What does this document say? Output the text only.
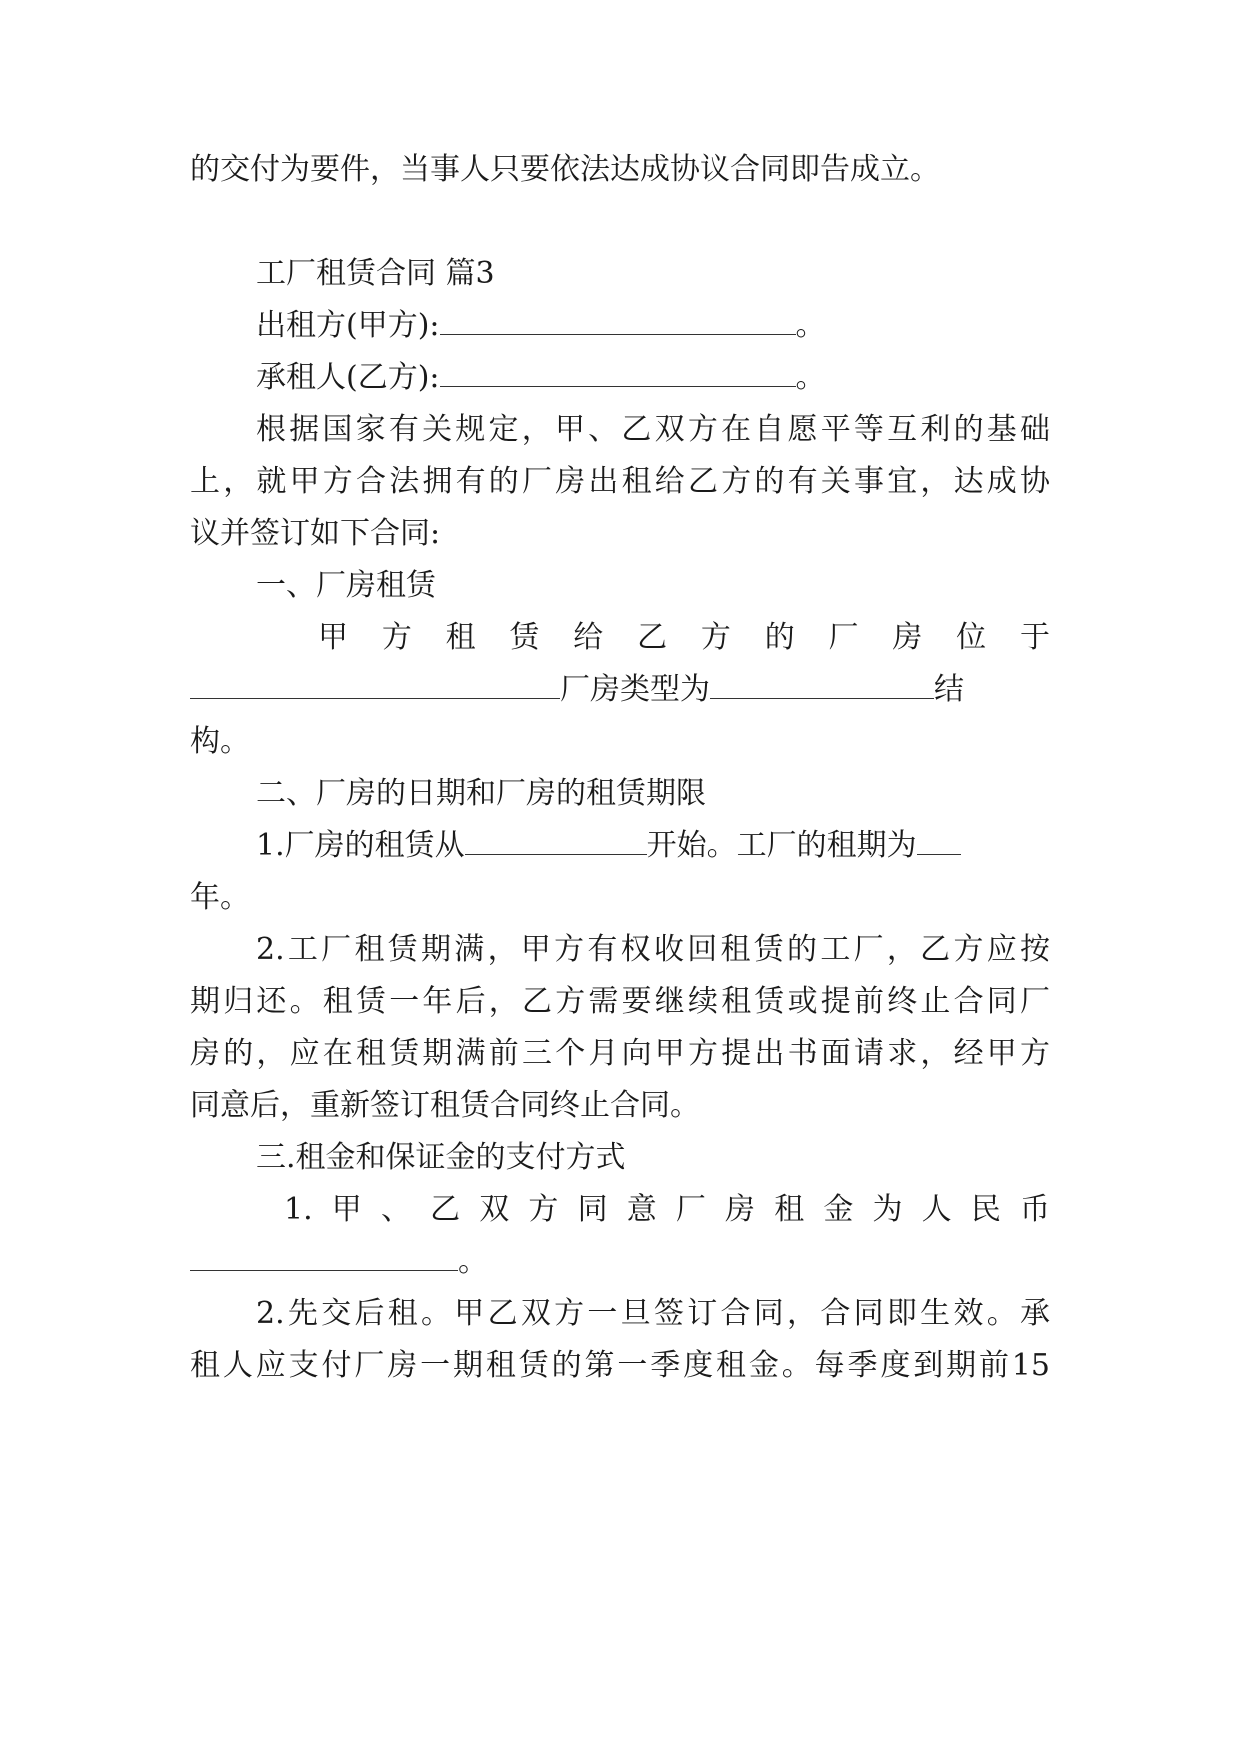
的交付为要件，当事人只要依法达成协议合同即告成立。
工厂租赁合同 篇3
出租方(甲方):	。
承租人(乙方):	。
根据国家有关规定，甲、乙双方在自愿平等互利的基础
上，就甲方合法拥有的厂房出租给乙方的有关事宜，达成协
议并签订如下合同:
一、厂房租赁
甲方租赁给乙方的厂房位于
厂房类型为	结
构。
二、厂房的日期和厂房的租赁期限
1.厂房的租赁从	开始。工厂的租期为
年。
2.工厂租赁期满，甲方有权收回租赁的工厂，乙方应按
期归还。租赁一年后，乙方需要继续租赁或提前终止合同厂
房的，应在租赁期满前三个月向甲方提出书面请求，经甲方
同意后，重新签订租赁合同终止合同。
三.租金和保证金的支付方式
1.甲、乙双方同意厂房租金为人民币
。
2.先交后租。甲乙双方一旦签订合同，合同即生效。承
租人应支付厂房一期租赁的第一季度租金。每季度到期前15
